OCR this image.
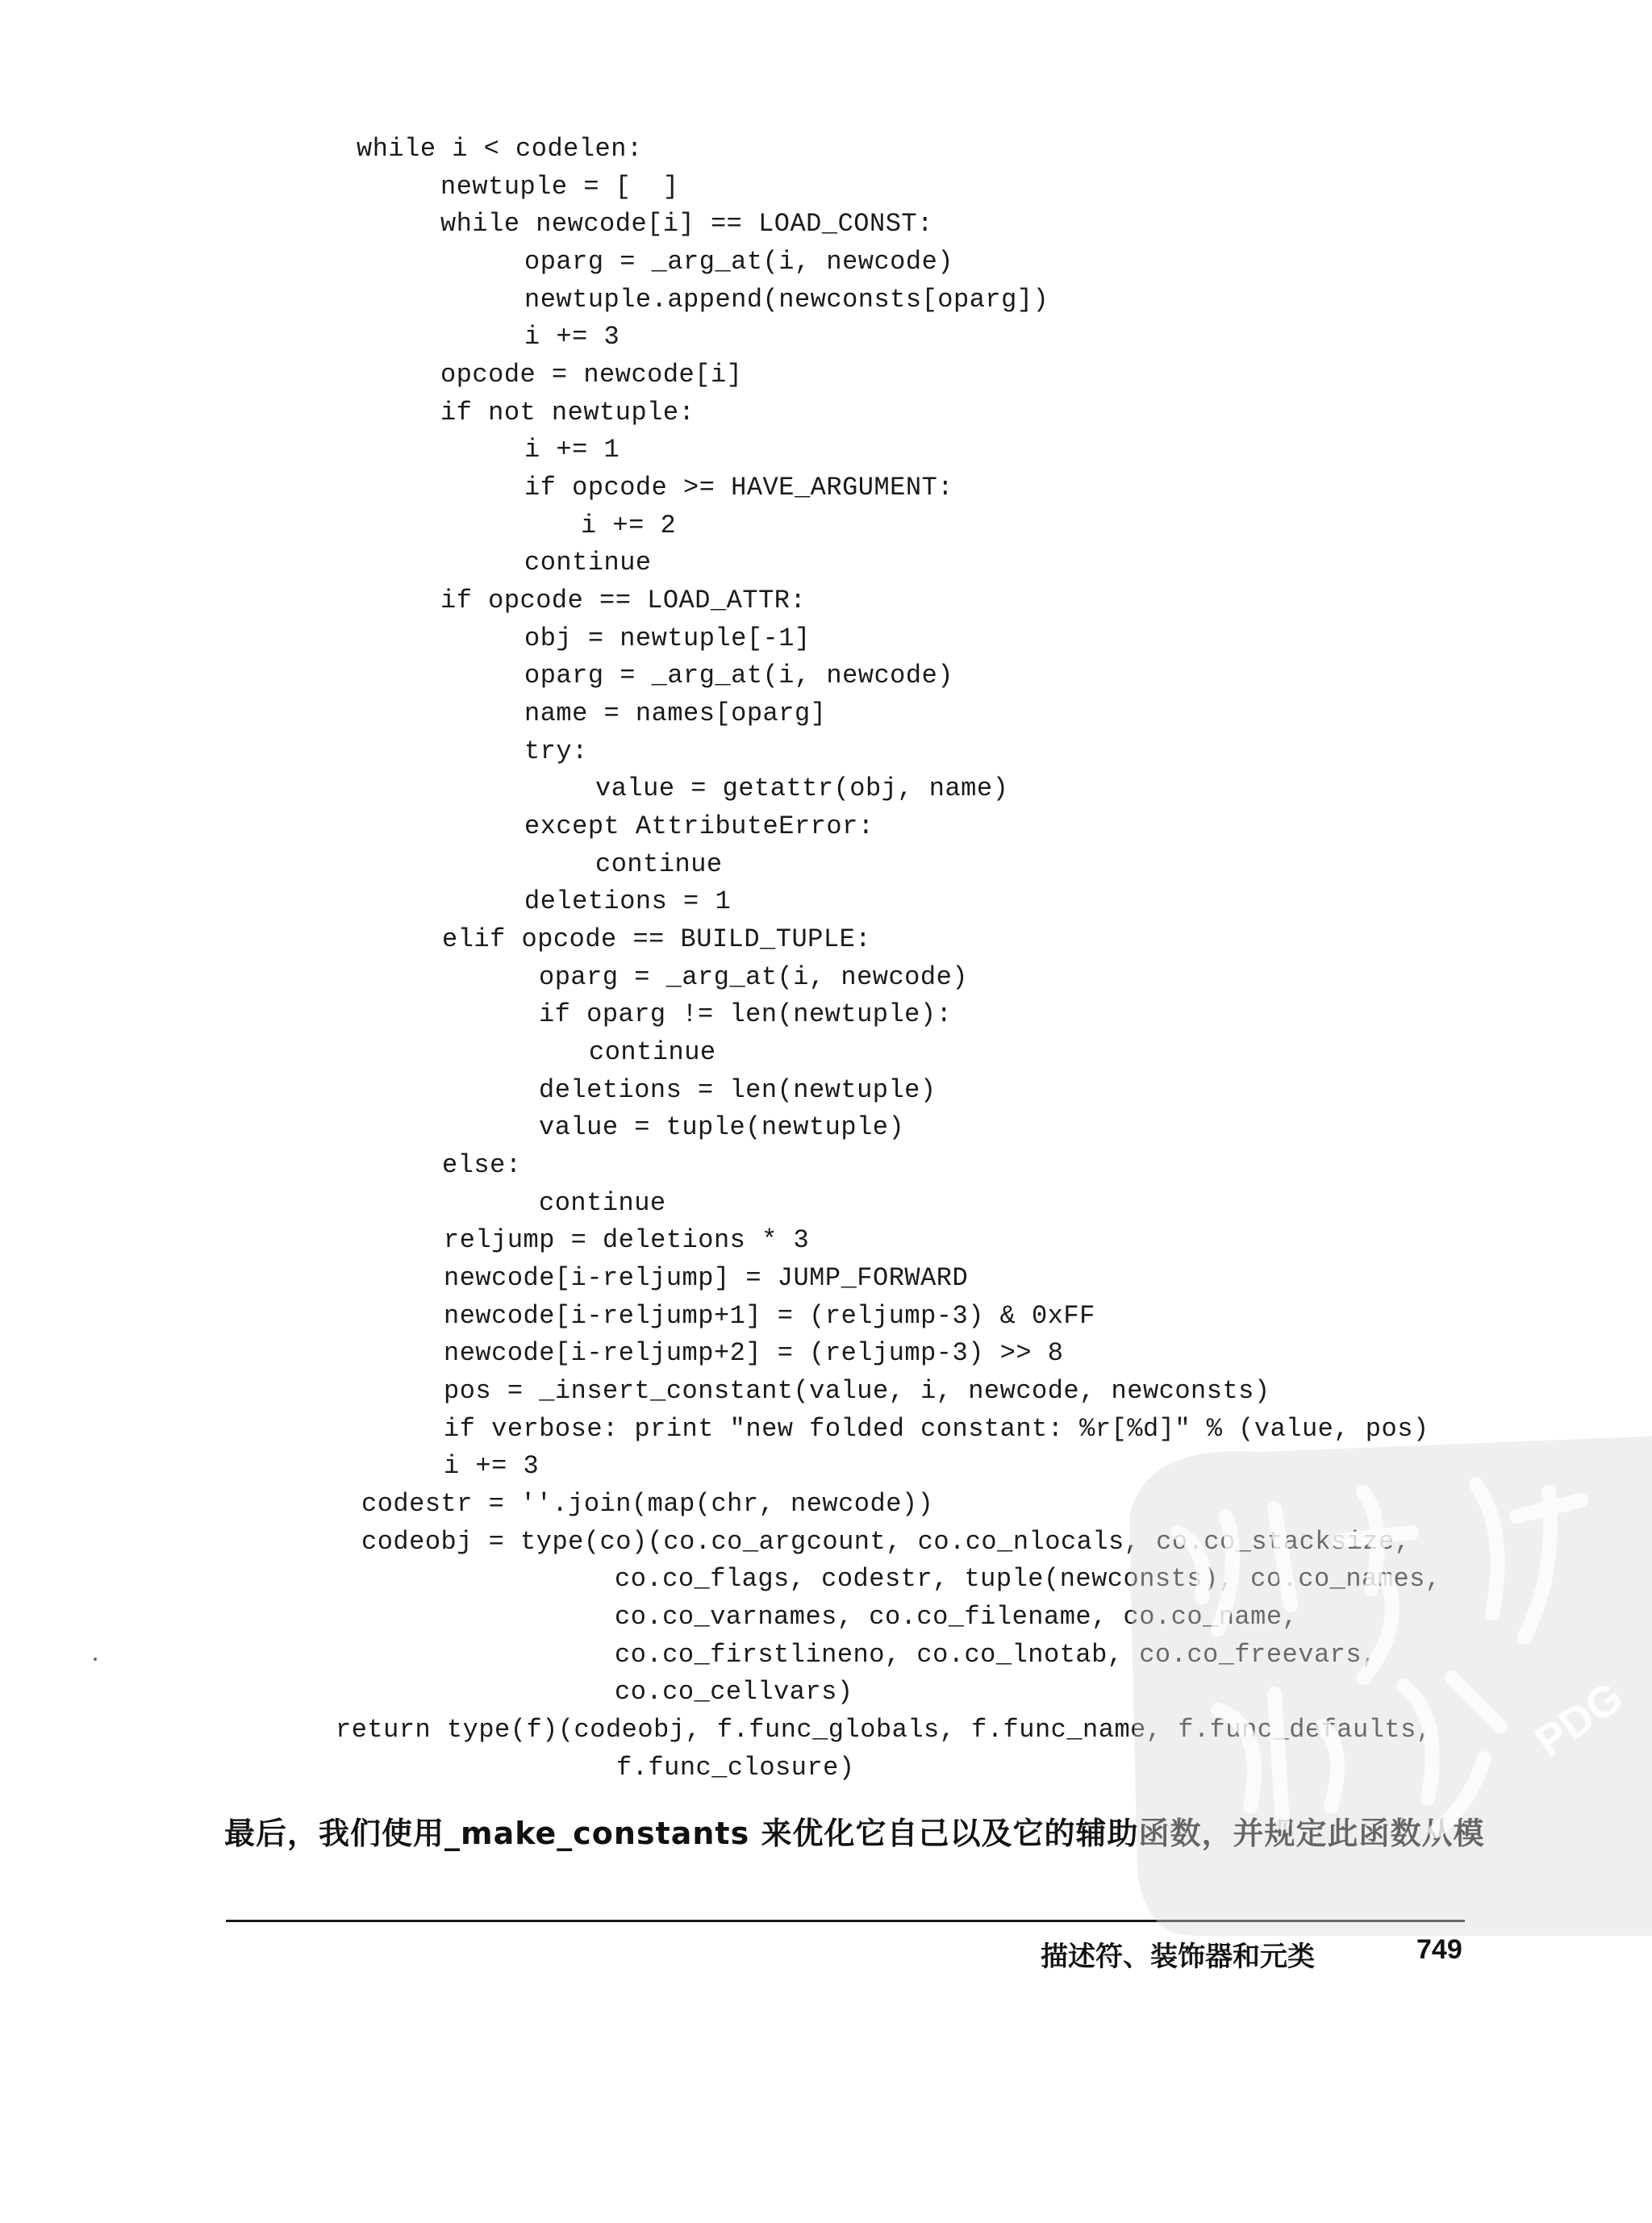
while i < codelen:
newtuple = [  ]
while newcode[i] == LOAD_CONST:
oparg = _arg_at(i, newcode)
newtuple.append(newconsts[oparg])
i += 3
opcode = newcode[i]
if not newtuple:
i += 1
if opcode >= HAVE_ARGUMENT:
i += 2
continue
if opcode == LOAD_ATTR:
obj = newtuple[-1]
oparg = _arg_at(i, newcode)
name = names[oparg]
try:
value = getattr(obj, name)
except AttributeError:
continue
deletions = 1
elif opcode == BUILD_TUPLE:
oparg = _arg_at(i, newcode)
if oparg != len(newtuple):
continue
deletions = len(newtuple)
value = tuple(newtuple)
else:
continue
reljump = deletions * 3
newcode[i-reljump] = JUMP_FORWARD
newcode[i-reljump+1] = (reljump-3) & 0xFF
newcode[i-reljump+2] = (reljump-3) >> 8
pos = _insert_constant(value, i, newcode, newconsts)
if verbose: print "new folded constant: %r[%d]" % (value, pos)
i += 3
codestr = ''.join(map(chr, newcode))
codeobj = type(co)(co.co_argcount, co.co_nlocals, co.co_stacksize,
co.co_flags, codestr, tuple(newconsts), co.co_names,
co.co_varnames, co.co_filename, co.co_name,
co.co_firstlineno, co.co_lnotab, co.co_freevars,
co.co_cellvars)
return type(f)(codeobj, f.func_globals, f.func_name, f.func_defaults,
f.func_closure)
最后，我们使用_make_constants 来优化它自己以及它的辅助函数，并规定此函数从模
描述符、装饰器和元类	749
PDG
